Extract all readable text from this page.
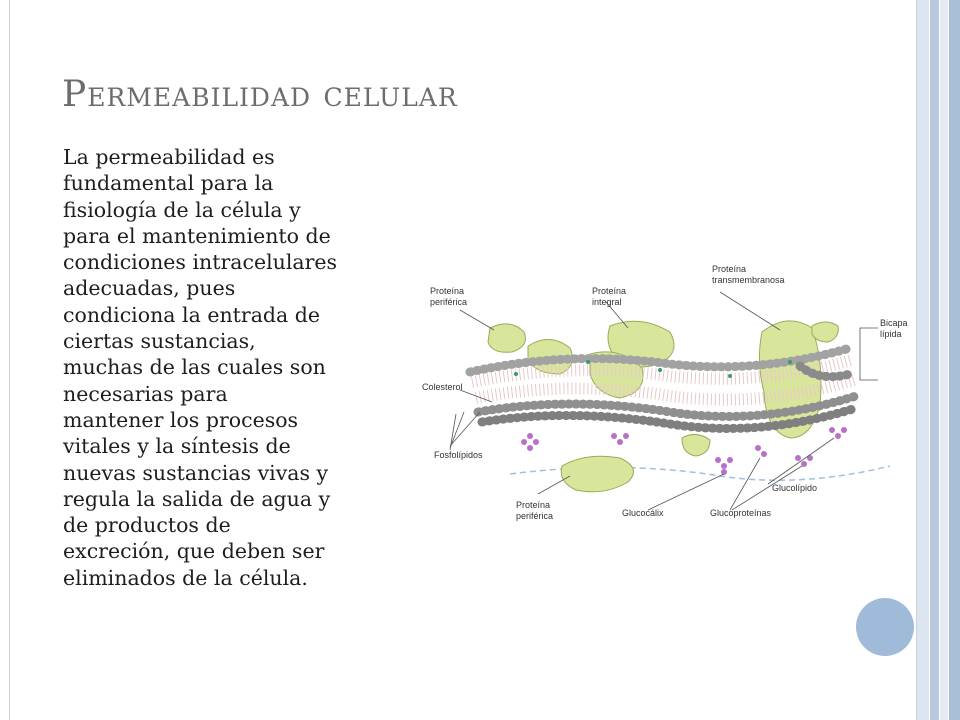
Permeabilidad celular
La permeabilidad es
fundamental para la
fisiología de la célula y
para el mantenimiento de
condiciones intracelulares
adecuadas, pues
condiciona la entrada de
ciertas sustancias,
muchas de las cuales son
necesarias para
mantener los procesos
vitales y la síntesis de
nuevas sustancias vivas y
regula la salida de agua y
de productos de
excreción, que deben ser
eliminados de la célula.
Proteína
periférica
Proteína
integral
Proteína
transmembranosa
Bicapa
lípida
Colesterol
Fosfolípidos
Proteína
periférica	Glucocálix	Glucoproteínas
Glucolípido
